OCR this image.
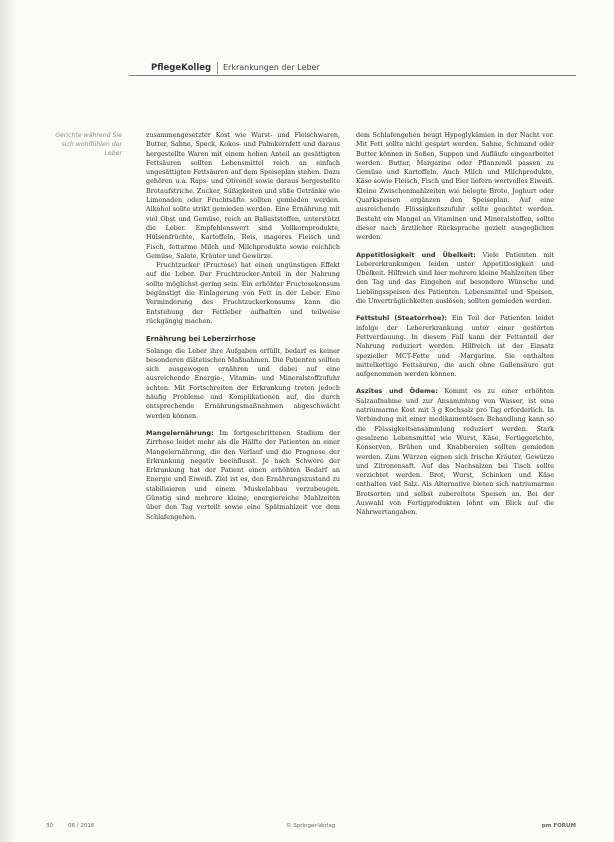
PflegeKolleg Erkrankungen der Leber
Gerichte während Sie sich wohlfühlen der Leber

zusammengesetzter Kost wie Wurst- und Fleischwaren, Butter, Sahne, Speck, Kokos- und Palmkernfett und daraus hergestellte Waren mit einem hohen Anteil an gesättigten Fettsäuren sollten Lebensmittel reich an einfach ungesättigten Fettsäuren auf dem Speiseplan stehen. Dazu gehören u.a. Raps- und Olivenöl sowie daraus hergestellte Brotaufstriche. Zucker, Süßigkeiten und süße Getränke wie Limonaden oder Fruchtsäfte sollten gemieden werden. Alkohol sollte strikt gemieden werden. Eine Ernährung mit viel Obst und Gemüse, reich an Ballaststoffen, unterstützt die Leber. Empfehlenswert sind Vollkornprodukte, Hülsenfrüchte, Kartoffeln, Reis, mageres Fleisch und Fisch, fettarme Milch und Milchprodukte sowie reichlich Gemüse, Salate, Kräuter und Gewürze.

Fruchtzucker (Fructose) hat einen ungünstigen Effekt auf die Leber. Der Fruchtzucker-Anteil in der Nahrung sollte möglichst gering sein. Ein erhöhter Fructosekonsum begünstigt die Einlagerung von Fett in der Leber. Eine Verminderung des Fruchtzuckerkonsums kann die Entstehung der Fettleber aufhalten und teilweise rückgängig machen.

Ernährung bei Leberzirrhose

Solange die Leber ihre Aufgaben erfüllt, bedarf es keiner besonderen diätetischen Maßnahmen. Die Patienten sollten sich ausgewogen ernähren und dabei auf eine ausreichende Energie-, Vitamin- und Mineralstoffzufuhr achten. Mit Fortschreiten der Erkrankung treten jedoch häufig Probleme und Komplikationen auf, die durch entsprechende Ernährungsmaßnahmen abgeschwächt werden können.

Mangelernährung: Im fortgeschrittenen Stadium der Zirrhose leidet mehr als die Hälfte der Patienten an einer Mangelernährung, die den Verlauf und die Prognose der Erkrankung negativ beeinflusst. Je nach Schwere der Erkrankung hat der Patient einen erhöhten Bedarf an Energie und Eiweiß. Ziel ist es, den Ernährungszustand zu stabilisieren und einem Muskelabbau vorzubeugen. Günstig sind mehrere kleine, energiereiche Mahlzeiten über den Tag verteilt sowie eine Spätmahlzeit vor dem Schlafengehen.

dem Schlafengehen beugt Hypoglykämien in der Nacht vor. Mit Fett sollte nicht gespart werden. Sahne, Schmand oder Butter können in Soßen, Suppen und Aufläufe eingearbeitet werden. Butter, Margarine oder Pflanzenöl passen zu Gemüse und Kartoffeln. Auch Milch und Milchprodukte, Käse sowie Fleisch, Fisch und Eier liefern wertvolles Eiweiß. Kleine Zwischenmahlzeiten wie belegte Brote, Joghurt oder Quarkspeisen ergänzen den Speiseplan. Auf eine ausreichende Flüssigkeitszufuhr sollte geachtet werden. Besteht ein Mangel an Vitaminen und Mineralstoffen, sollte dieser nach ärztlicher Rücksprache gezielt ausgeglichen werden.

Appetitlosigkeit und Übelkeit: Viele Patienten mit Lebererkrankungen leiden unter Appetitlosigkeit und Übelkeit. Hilfreich sind hier mehrere kleine Mahlzeiten über den Tag und das Eingehen auf besondere Wünsche und Lieblingsspeisen des Patienten. Lebensmittel und Speisen, die Unverträglichkeiten auslösen, sollten gemieden werden.

Fettstuhl (Steatorrhoe): Ein Teil der Patienten leidet infolge der Lebererkrankung unter einer gestörten Fettverdauung. In diesem Fall kann der Fettanteil der Nahrung reduziert werden. Hilfreich ist der Einsatz spezieller MCT-Fette und -Margarine. Sie enthalten mittelkettige Fettsäuren, die auch ohne Gallensäure gut aufgenommen werden können.

Aszites und Ödeme: Kommt es zu einer erhöhten Salzaufnahme und zur Ansammlung von Wasser, ist eine natriumarme Kost mit 3 g Kochsalz pro Tag erforderlich. In Verbindung mit einer medikamentösen Behandlung kann so die Flüssigkeitsansammlung reduziert werden. Stark gesalzene Lebensmittel wie Wurst, Käse, Fertiggerichte, Konserven, Brühen und Knabbereien sollten gemieden werden. Zum Würzen eignen sich frische Kräuter, Gewürze und Zitronensaft. Auf das Nachsalzen bei Tisch sollte verzichtet werden. Brot, Wurst, Schinken und Käse enthalten viel Salz. Als Alternative bieten sich natriumarme Brotsorten und selbst zubereitete Speisen an. Bei der Auswahl von Fertigprodukten lohnt ein Blick auf die Nährwertangaben.

30	06 / 2016	© Springer-Verlag	pm FORUM
